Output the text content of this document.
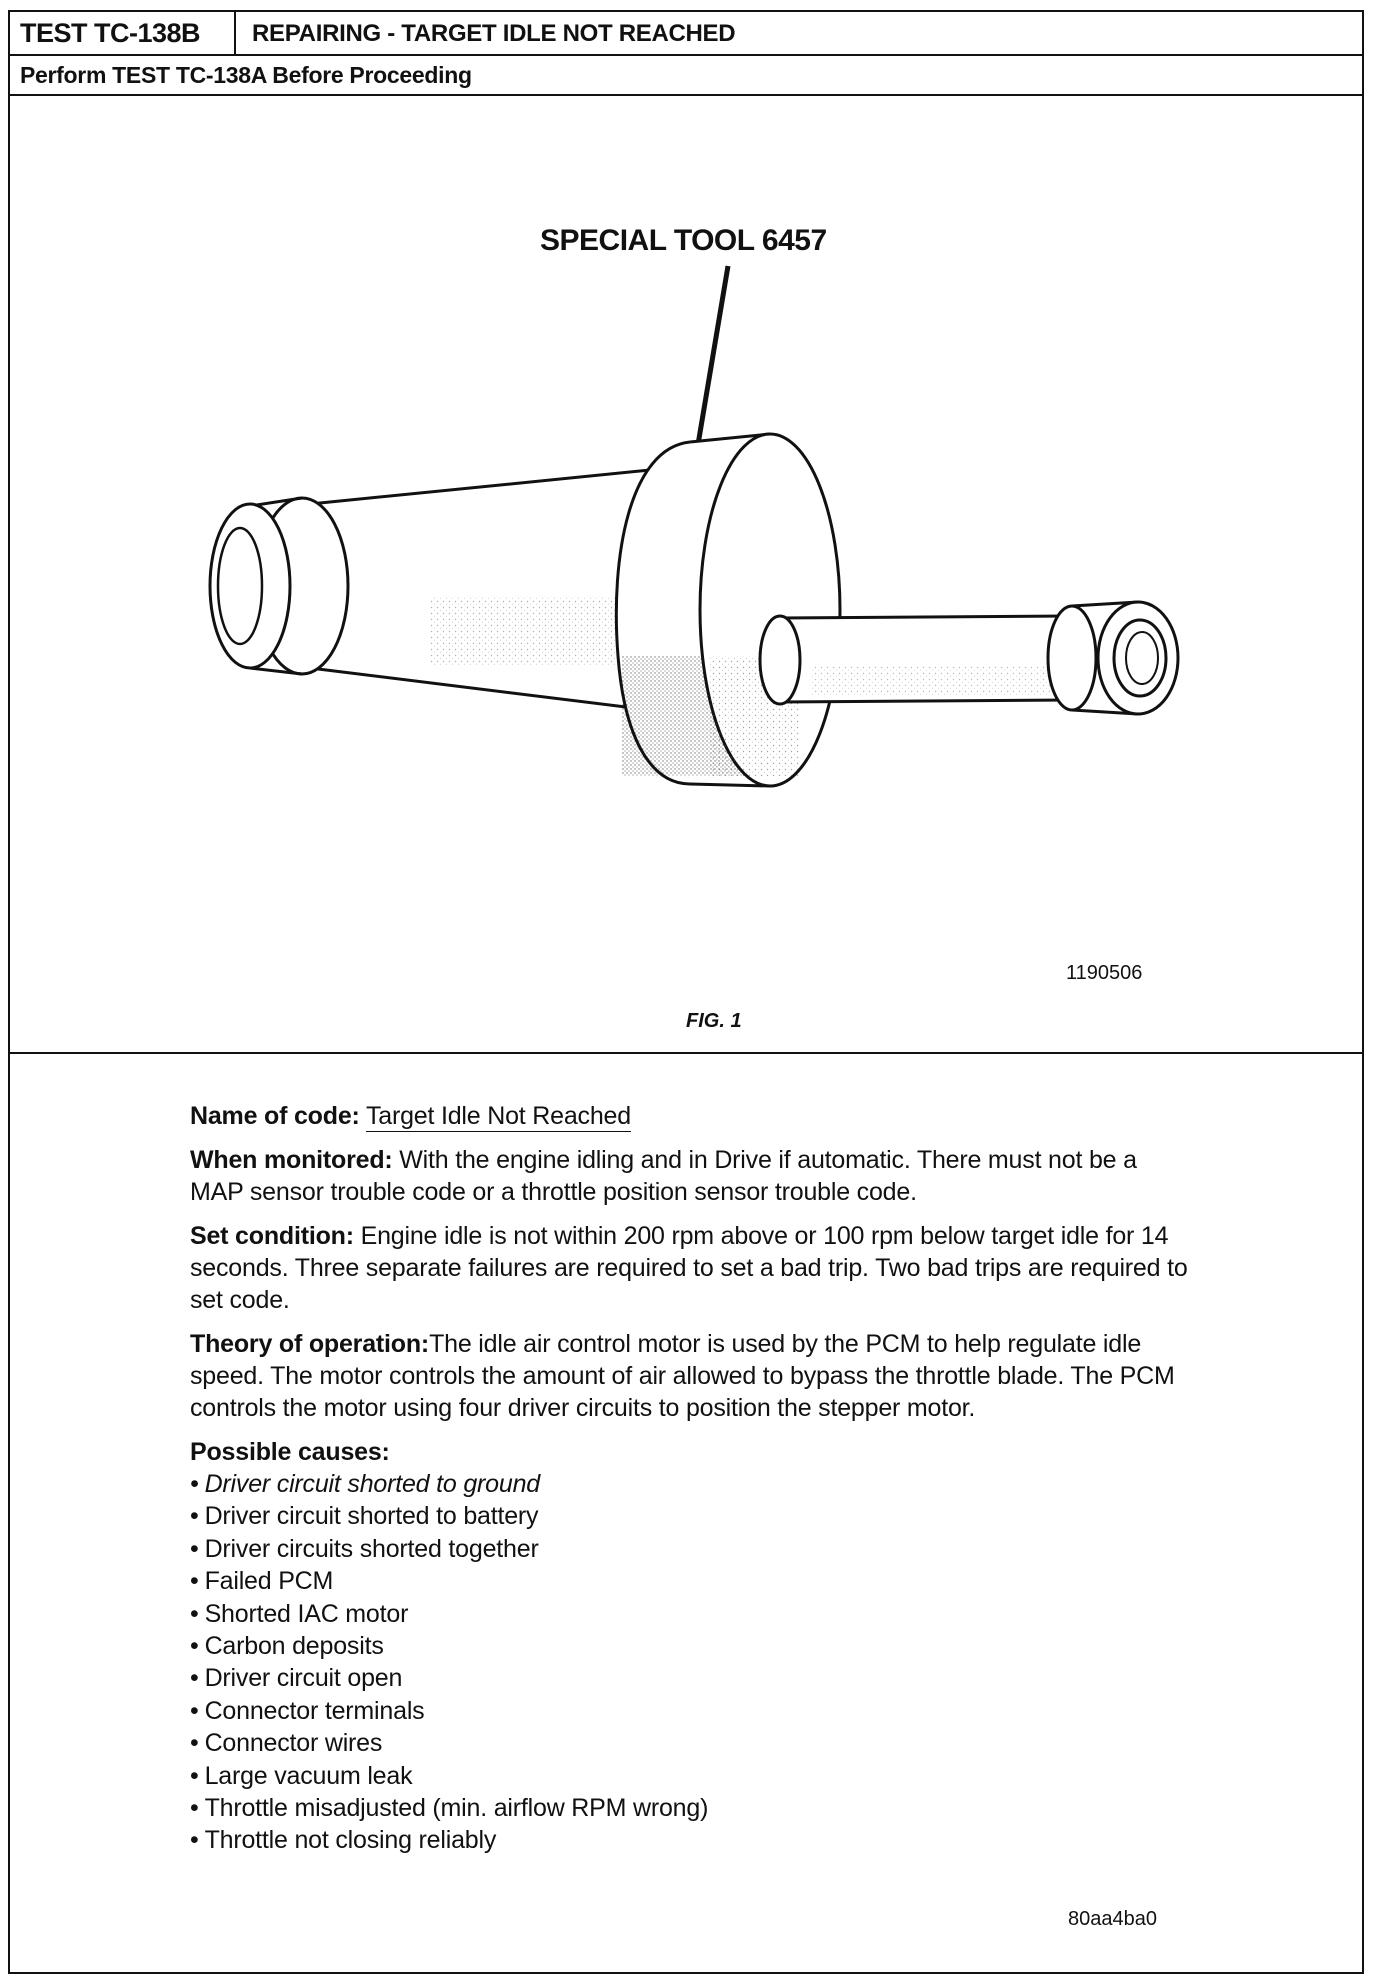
TEST TC-138B	REPAIRING - TARGET IDLE NOT REACHED
Perform TEST TC-138A Before Proceeding
SPECIAL TOOL 6457
1190506
FIG. 1

Name of code: Target Idle Not Reached

When monitored: With the engine idling and in Drive if automatic. There must not be a MAP sensor trouble code or a throttle position sensor trouble code.

Set condition: Engine idle is not within 200 rpm above or 100 rpm below target idle for 14 seconds. Three separate failures are required to set a bad trip. Two bad trips are required to set code.

Theory of operation:The idle air control motor is used by the PCM to help regulate idle speed. The motor controls the amount of air allowed to bypass the throttle blade. The PCM controls the motor using four driver circuits to position the stepper motor.

Possible causes:

• Driver circuit shorted to ground
• Driver circuit shorted to battery
• Driver circuits shorted together
• Failed PCM
• Shorted IAC motor
• Carbon deposits
• Driver circuit open
• Connector terminals
• Connector wires
• Large vacuum leak
• Throttle misadjusted (min. airflow RPM wrong)
• Throttle not closing reliably
80aa4ba0
